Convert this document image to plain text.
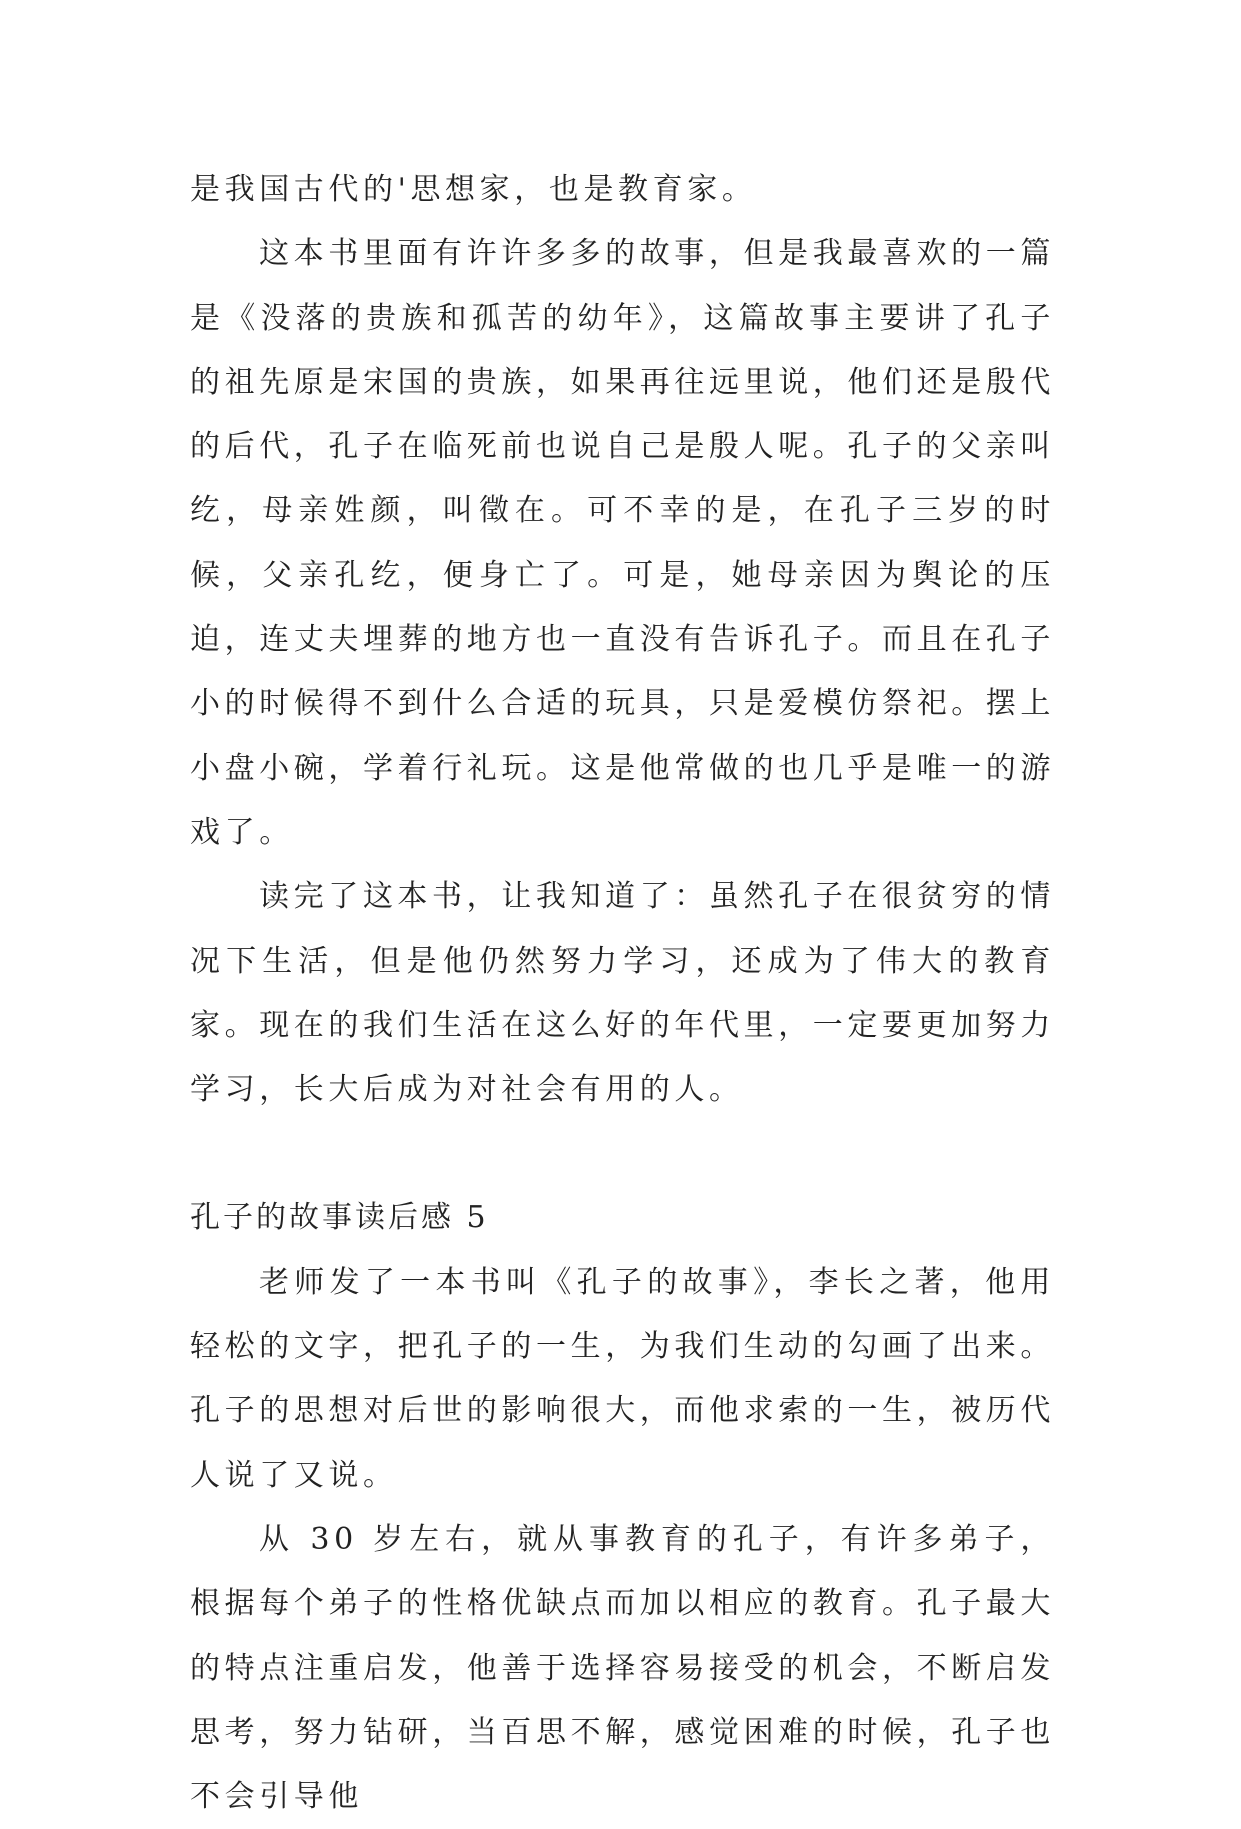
是我国古代的'思想家，也是教育家。

这本书里面有许许多多的故事，但是我最喜欢的一篇是《没落的贵族和孤苦的幼年》，这篇故事主要讲了孔子的祖先原是宋国的贵族，如果再往远里说，他们还是殷代的后代，孔子在临死前也说自己是殷人呢。孔子的父亲叫纥，母亲姓颜，叫徵在。可不幸的是，在孔子三岁的时候，父亲孔纥，便身亡了。可是，她母亲因为舆论的压迫，连丈夫埋葬的地方也一直没有告诉孔子。而且在孔子小的时候得不到什么合适的玩具，只是爱模仿祭祀。摆上小盘小碗，学着行礼玩。这是他常做的也几乎是唯一的游戏了。

读完了这本书，让我知道了：虽然孔子在很贫穷的情况下生活，但是他仍然努力学习，还成为了伟大的教育家。现在的我们生活在这么好的年代里，一定要更加努力学习，长大后成为对社会有用的人。

孔子的故事读后感 5

老师发了一本书叫《孔子的故事》，李长之著，他用轻松的文字，把孔子的一生，为我们生动的勾画了出来。孔子的思想对后世的影响很大，而他求索的一生，被历代人说了又说。

从 30 岁左右，就从事教育的孔子，有许多弟子，根据每个弟子的性格优缺点而加以相应的教育。孔子最大的特点注重启发，他善于选择容易接受的机会，不断启发思考，努力钻研，当百思不解，感觉困难的时候，孔子也不会引导他
